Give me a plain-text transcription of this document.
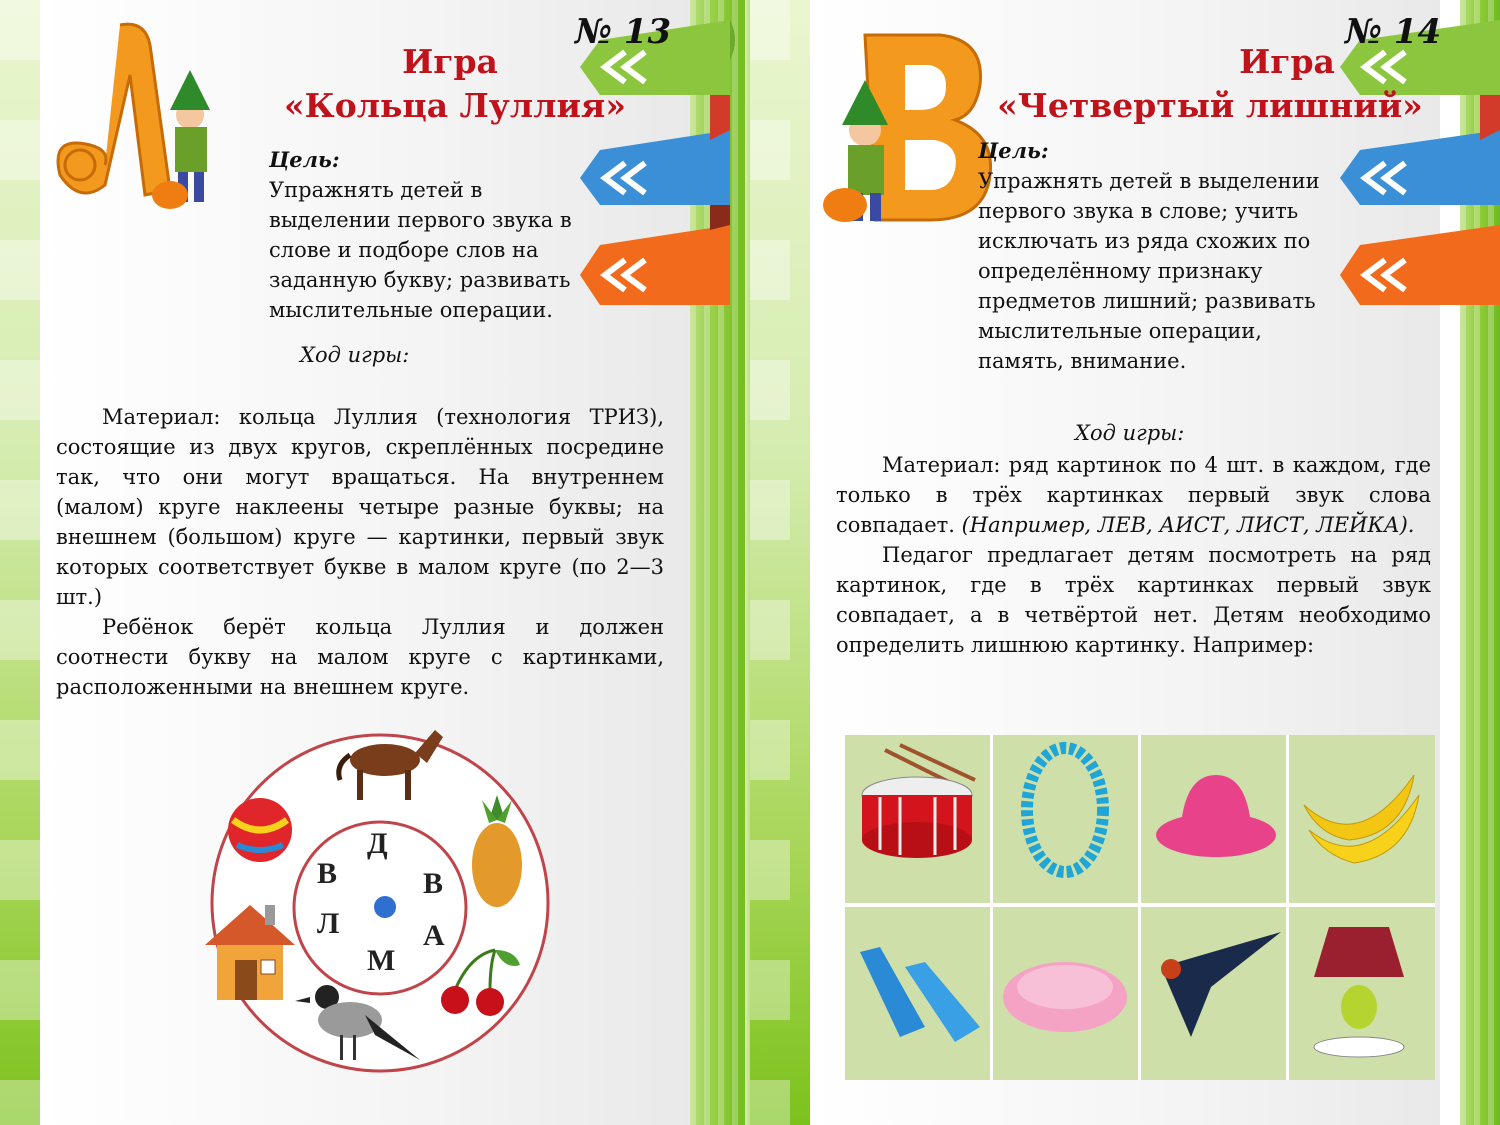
№ 13
Игра
«Кольца Луллия»
Цель:
Упражнять детей в
выделении первого звука в
слове и подборе слов на
заданную букву; развивать
мыслительные операции.
Ход игры:

Материал: кольца Луллия (технология ТРИЗ), состоящие из двух кругов, скреплённых посредине так, что они могут вращаться. На внутреннем (малом) круге наклеены четыре разные буквы; на внешнем (большом) круге — картинки, первый звук которых соответствует букве в малом круге (по 2—3 шт.)

Ребёнок берёт кольца Луллия и должен соотнести букву на малом круге с картинками, расположенными на внешнем круге.

Д
В	В
А
М
Л
№ 14
Игра
«Четвертый лишний»
Цель:
Упражнять детей в выделении
первого звука в слове; учить
исключать из ряда схожих по
определённому признаку
предметов лишний; развивать
мыслительные операции,
память, внимание.
Ход игры:

Материал: ряд картинок по 4 шт. в каждом, где только в трёх картинках первый звук слова совпадает. (Например, ЛЕВ, АИСТ, ЛИСТ, ЛЕЙКА).

Педагог предлагает детям посмотреть на ряд картинок, где в трёх картинках первый звук совпадает, а в четвёртой нет. Детям необходимо определить лишнюю картинку. Например:
